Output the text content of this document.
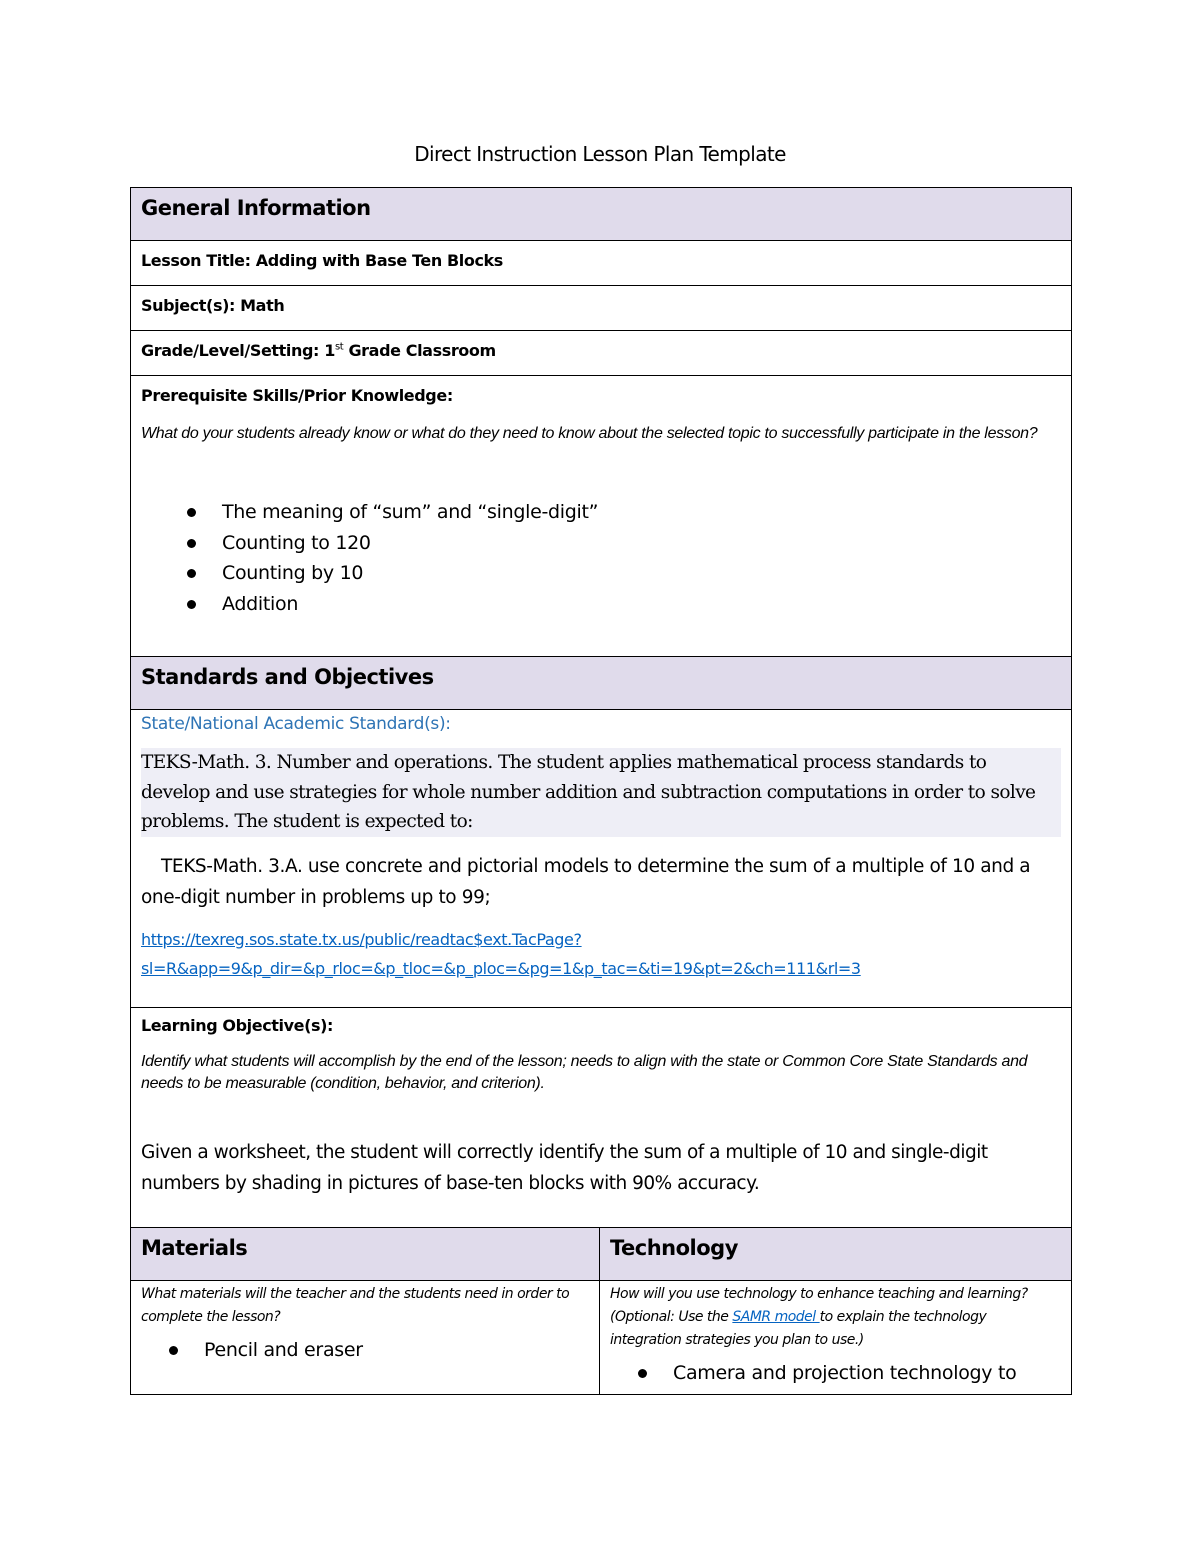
Direct Instruction Lesson Plan Template
General Information
Lesson Title: Adding with Base Ten Blocks
Subject(s): Math
Grade/Level/Setting: 1st Grade Classroom
Prerequisite Skills/Prior Knowledge:
What do your students already know or what do they need to know about the selected topic to successfully participate in the lesson?
The meaning of “sum” and “single-digit”
Counting to 120
Counting by 10
Addition
Standards and Objectives
State/National Academic Standard(s):
TEKS-Math. 3. Number and operations. The student applies mathematical process standards to develop and use strategies for whole number addition and subtraction computations in order to solve problems. The student is expected to:
TEKS-Math. 3.A. use concrete and pictorial models to determine the sum of a multiple of 10 and a one-digit number in problems up to 99;
https://texreg.sos.state.tx.us/public/readtac$ext.TacPage?
sl=R&app=9&p_dir=&p_rloc=&p_tloc=&p_ploc=&pg=1&p_tac=&ti=19&pt=2&ch=111&rl=3
Learning Objective(s):
Identify what students will accomplish by the end of the lesson; needs to align with the state or Common Core State Standards and needs to be measurable (condition, behavior, and criterion).
Given a worksheet, the student will correctly identify the sum of a multiple of 10 and single-digit numbers by shading in pictures of base-ten blocks with 90% accuracy.
Materials	Technology
What materials will the teacher and the students need in order to complete the lesson?
Pencil and eraser
How will you use technology to enhance teaching and learning? (Optional: Use the SAMR model to explain the technology integration strategies you plan to use.)
Camera and projection technology to
